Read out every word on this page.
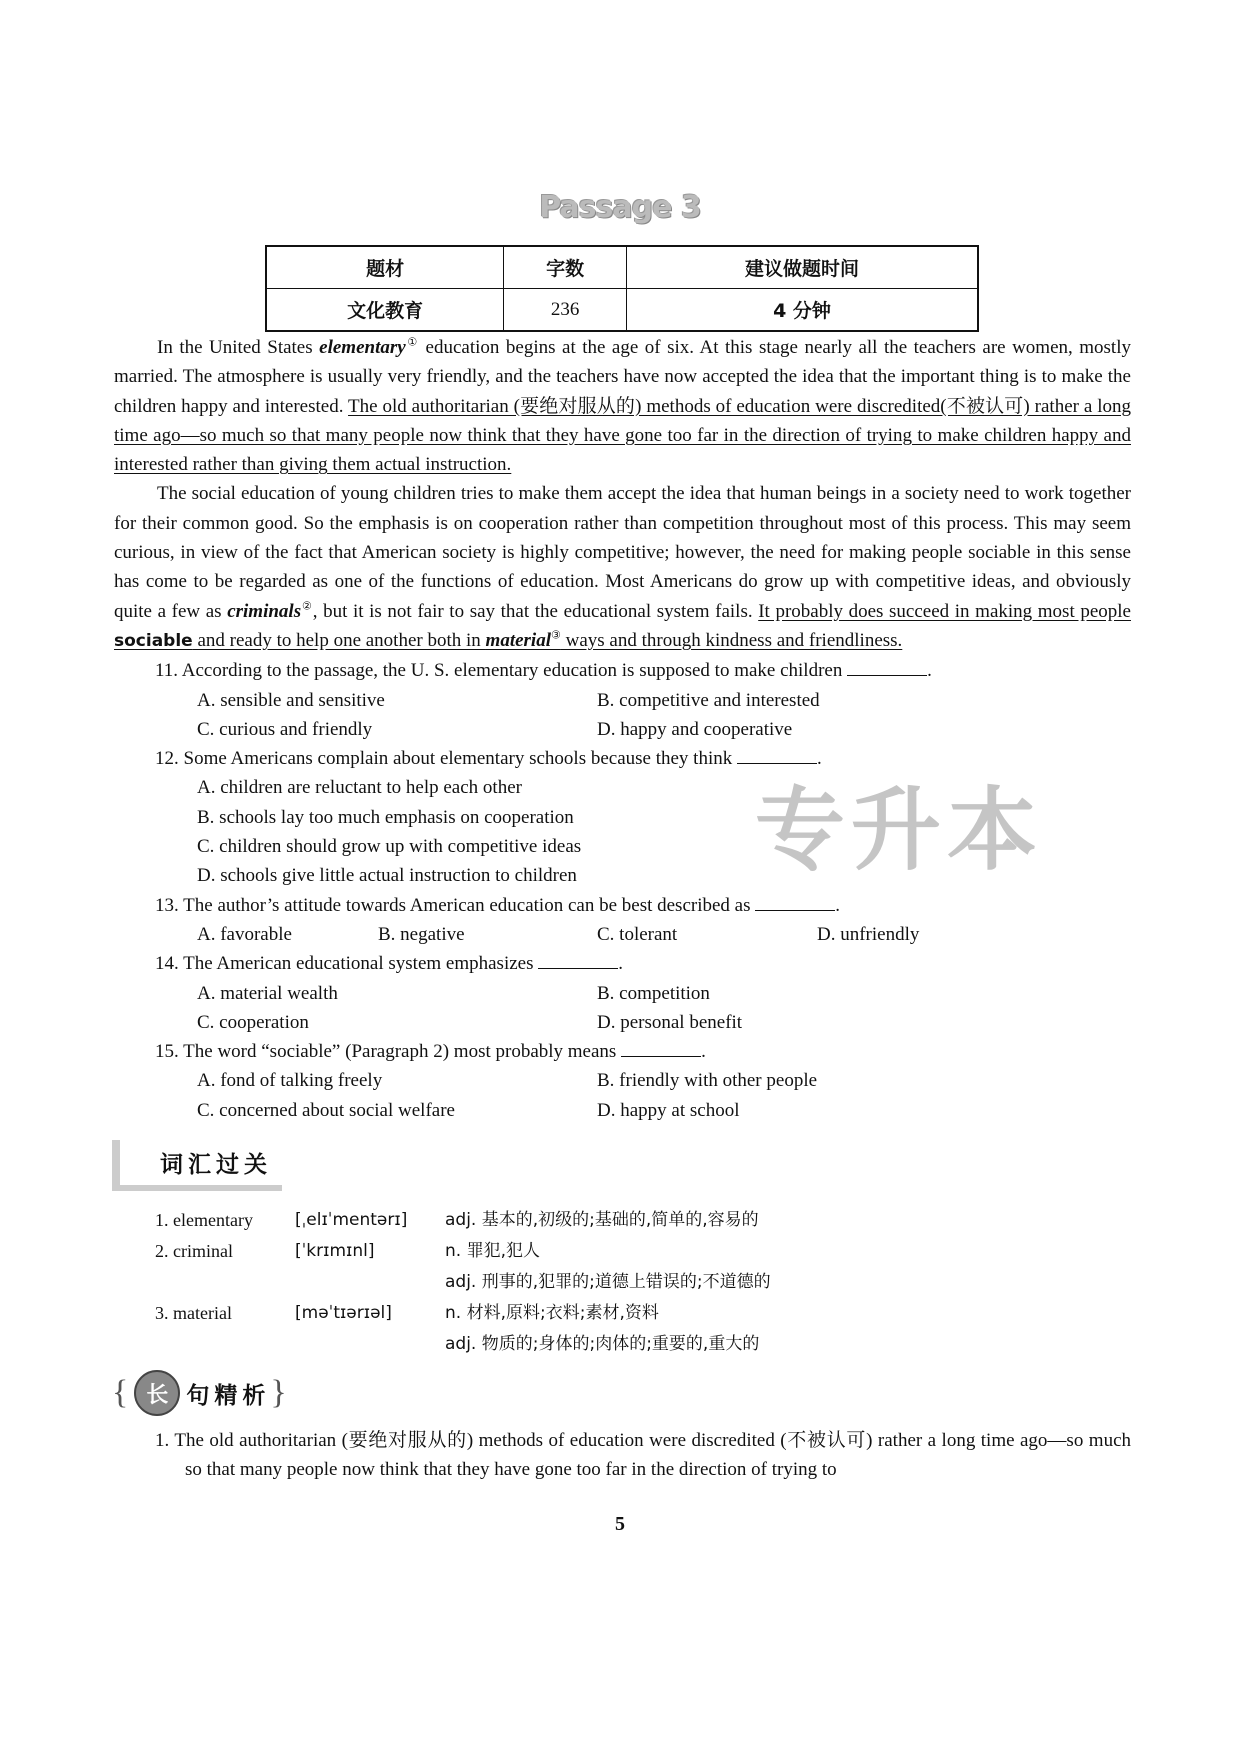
Passage 3
题材	字数	建议做题时间
文化教育	236	4 分钟

In the United States elementary① education begins at the age of six. At this stage nearly all the teachers are women, mostly married. The atmosphere is usually very friendly, and the teachers have now accepted the idea that the important thing is to make the children happy and interested. The old authoritarian (要绝对服从的) methods of education were discredited(不被认可) rather a long time ago—so much so that many people now think that they have gone too far in the direction of trying to make children happy and interested rather than giving them actual instruction.

The social education of young children tries to make them accept the idea that human beings in a society need to work together for their common good. So the emphasis is on cooperation rather than competition throughout most of this process. This may seem curious, in view of the fact that American society is highly competitive; however, the need for making people sociable in this sense has come to be regarded as one of the functions of education. Most Americans do grow up with competitive ideas, and obviously quite a few as criminals②, but it is not fair to say that the educational system fails. It probably does succeed in making most people sociable and ready to help one another both in material③ ways and through kindness and friendliness.

11. According to the passage, the U. S. elementary education is supposed to make children	.
A. sensible and sensitive	B. competitive and interested
C. curious and friendly	D. happy and cooperative
12. Some Americans complain about elementary schools because they think	.
专升本
A. children are reluctant to help each other
B. schools lay too much emphasis on cooperation
C. children should grow up with competitive ideas
D. schools give little actual instruction to children
13. The author’s attitude towards American education can be best described as	.
A. favorable	B. negative	C. tolerant	D. unfriendly
14. The American educational system emphasizes	.
A. material wealth	B. competition
C. cooperation	D. personal benefit
15. The word “sociable” (Paragraph 2) most probably means	.
A. fond of talking freely	B. friendly with other people
C. concerned about social welfare	D. happy at school
词汇过关
1. elementary	[ˌelɪˈmentərɪ]	adj. 基本的,初级的;基础的,简单的,容易的
2. criminal	[ˈkrɪmɪnl]	n. 罪犯,犯人
adj. 刑事的,犯罪的;道德上错误的;不道德的
3. material	[məˈtɪərɪəl]	n. 材料,原料;衣料;素材,资料
adj. 物质的;身体的;肉体的;重要的,重大的
{ 长 句精析 }
1. The old authoritarian (要绝对服从的) methods of education were discredited (不被认可) rather a long time ago—so much so that many people now think that they have gone too far in the direction of trying to
5
